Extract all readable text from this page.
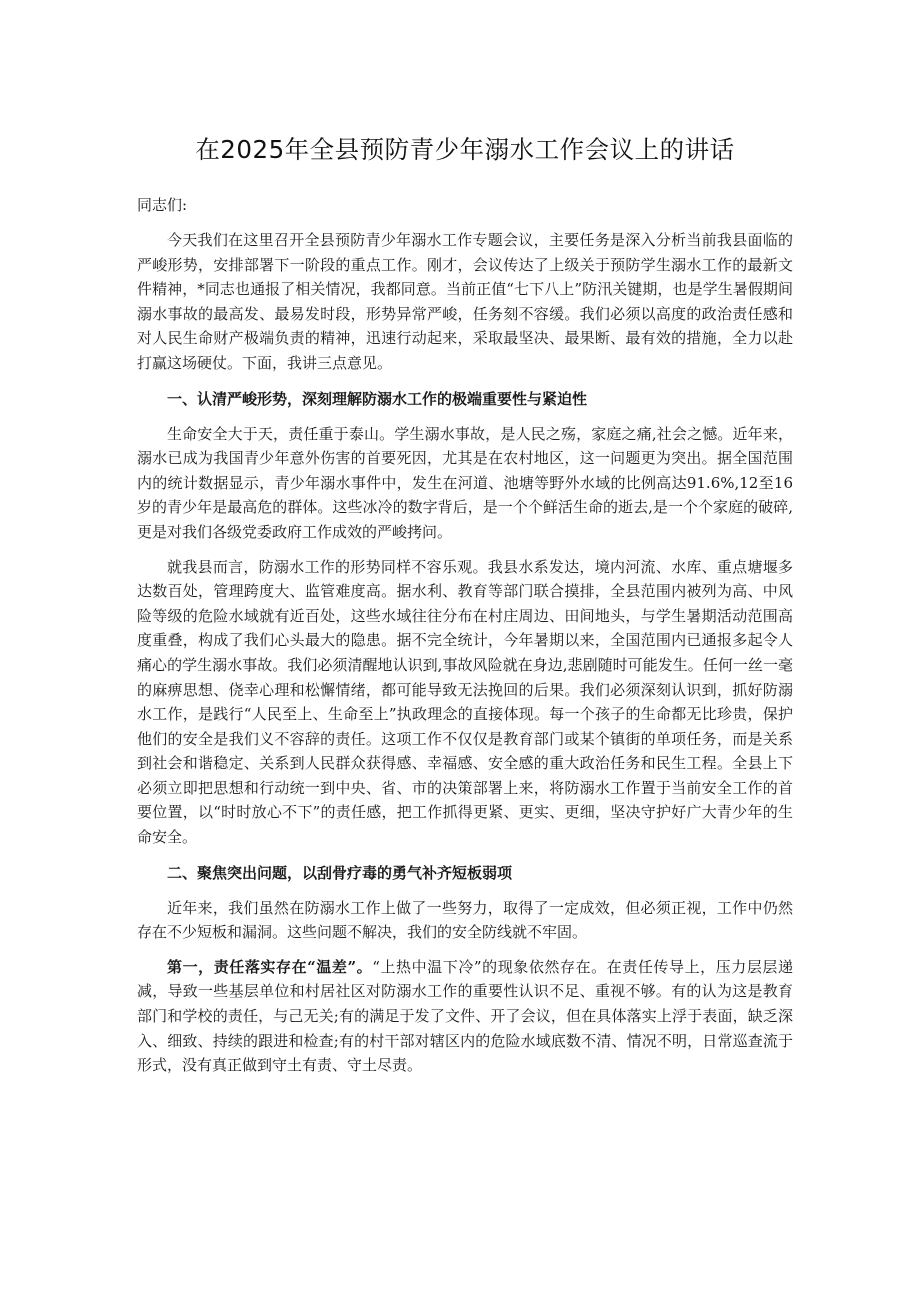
在2025年全县预防青少年溺水工作会议上的讲话
同志们:

今天我们在这里召开全县预防青少年溺水工作专题会议，主要任务是深入分析当前我县面临的严峻形势，安排部署下一阶段的重点工作。刚才，会议传达了上级关于预防学生溺水工作的最新文件精神，*同志也通报了相关情况，我都同意。当前正值“七下八上”防汛关键期，也是学生暑假期间溺水事故的最高发、最易发时段，形势异常严峻，任务刻不容缓。我们必须以高度的政治责任感和对人民生命财产极端负责的精神，迅速行动起来，采取最坚决、最果断、最有效的措施，全力以赴打赢这场硬仗。下面，我讲三点意见。

一、认清严峻形势，深刻理解防溺水工作的极端重要性与紧迫性

生命安全大于天，责任重于泰山。学生溺水事故，是人民之殇，家庭之痛,社会之憾。近年来，溺水已成为我国青少年意外伤害的首要死因，尤其是在农村地区，这一问题更为突出。据全国范围内的统计数据显示，青少年溺水事件中，发生在河道、池塘等野外水域的比例高达91.6%,12至16岁的青少年是最高危的群体。这些冰冷的数字背后，是一个个鲜活生命的逝去,是一个个家庭的破碎,更是对我们各级党委政府工作成效的严峻拷问。

就我县而言，防溺水工作的形势同样不容乐观。我县水系发达，境内河流、水库、重点塘堰多达数百处，管理跨度大、监管难度高。据水利、教育等部门联合摸排，全县范围内被列为高、中风险等级的危险水域就有近百处，这些水域往往分布在村庄周边、田间地头，与学生暑期活动范围高度重叠，构成了我们心头最大的隐患。据不完全统计，今年暑期以来，全国范围内已通报多起令人痛心的学生溺水事故。我们必须清醒地认识到,事故风险就在身边,悲剧随时可能发生。任何一丝一毫的麻痹思想、侥幸心理和松懈情绪，都可能导致无法挽回的后果。我们必须深刻认识到，抓好防溺水工作，是践行“人民至上、生命至上”执政理念的直接体现。每一个孩子的生命都无比珍贵，保护他们的安全是我们义不容辞的责任。这项工作不仅仅是教育部门或某个镇街的单项任务，而是关系到社会和谐稳定、关系到人民群众获得感、幸福感、安全感的重大政治任务和民生工程。全县上下必须立即把思想和行动统一到中央、省、市的决策部署上来，将防溺水工作置于当前安全工作的首要位置，以“时时放心不下”的责任感，把工作抓得更紧、更实、更细，坚决守护好广大青少年的生命安全。

二、聚焦突出问题，以刮骨疗毒的勇气补齐短板弱项

近年来，我们虽然在防溺水工作上做了一些努力，取得了一定成效，但必须正视，工作中仍然存在不少短板和漏洞。这些问题不解决，我们的安全防线就不牢固。

第一，责任落实存在“温差”。“上热中温下冷”的现象依然存在。在责任传导上，压力层层递减，导致一些基层单位和村居社区对防溺水工作的重要性认识不足、重视不够。有的认为这是教育部门和学校的责任，与己无关;有的满足于发了文件、开了会议，但在具体落实上浮于表面，缺乏深入、细致、持续的跟进和检查;有的村干部对辖区内的危险水域底数不清、情况不明，日常巡查流于形式，没有真正做到守土有责、守土尽责。
